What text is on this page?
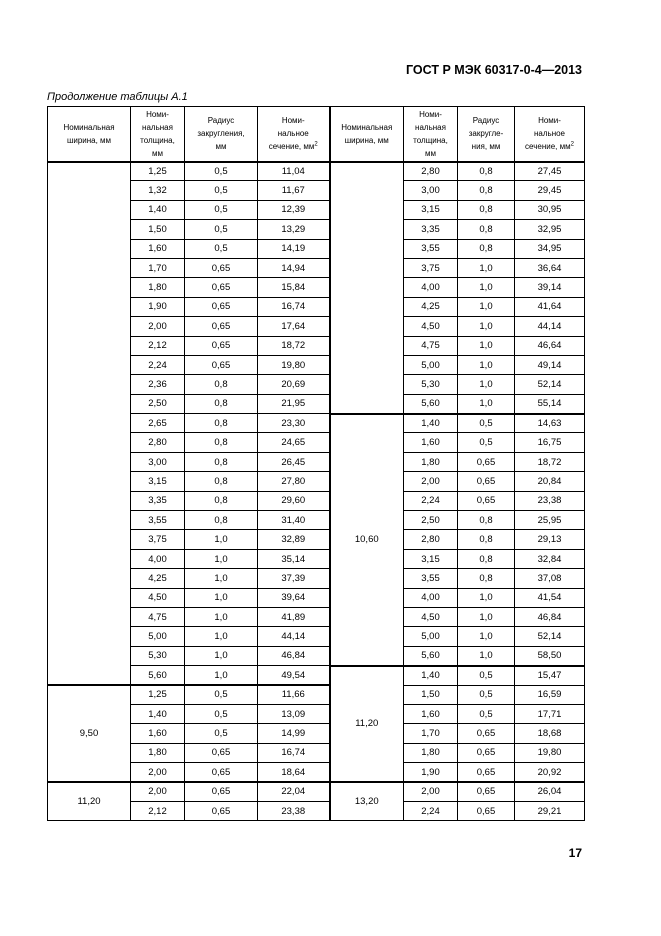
ГОСТ Р МЭК 60317-0-4—2013
Продолжение таблицы А.1
Номинальная
ширина, мм	Номи-
нальная
толщина,
мм	Радиус
закругления,
мм	Номи-
нальное
сечение, $мм^2$	Номинальная
ширина, мм	Номи-
нальная
толщина,
мм	Радиус
закругле-
ния, мм	Номи-
нальное
сечение, $мм^2$
	1,25	0,5	11,04		2,80	0,8	27,45
	1,32	0,5	11,67		3,00	0,8	29,45
	1,40	0,5	12,39		3,15	0,8	30,95
	1,50	0,5	13,29		3,35	0,8	32,95
	1,60	0,5	14,19		3,55	0,8	34,95
	1,70	0,65	14,94		3,75	1,0	36,64
	1,80	0,65	15,84		4,00	1,0	39,14
	1,90	0,65	16,74		4,25	1,0	41,64
	2,00	0,65	17,64		4,50	1,0	44,14
	2,12	0,65	18,72		4,75	1,0	46,64
	2,24	0,65	19,80		5,00	1,0	49,14
	2,36	0,8	20,69		5,30	1,0	52,14
	2,50	0,8	21,95		5,60	1,0	55,14
	2,65	0,8	23,30	10,60	1,40	0,5	14,63
	2,80	0,8	24,65		1,60	0,5	16,75
	3,00	0,8	26,45		1,80	0,65	18,72
	3,15	0,8	27,80		2,00	0,65	20,84
	3,35	0,8	29,60		2,24	0,65	23,38
	3,55	0,8	31,40		2,50	0,8	25,95
	3,75	1,0	32,89		2,80	0,8	29,13
	4,00	1,0	35,14		3,15	0,8	32,84
	4,25	1,0	37,39		3,55	0,8	37,08
	4,50	1,0	39,64		4,00	1,0	41,54
	4,75	1,0	41,89		4,50	1,0	46,84
	5,00	1,0	44,14		5,00	1,0	52,14
	5,30	1,0	46,84		5,60	1,0	58,50
	5,60	1,0	49,54	11,20	1,40	0,5	15,47
9,50	1,25	0,5	11,66		1,50	0,5	16,59
	1,40	0,5	13,09		1,60	0,5	17,71
	1,60	0,5	14,99		1,70	0,65	18,68
	1,80	0,65	16,74		1,80	0,65	19,80
	2,00	0,65	18,64		1,90	0,65	20,92
11,20	2,00	0,65	22,04	13,20	2,00	0,65	26,04
	2,12	0,65	23,38		2,24	0,65	29,21
17
